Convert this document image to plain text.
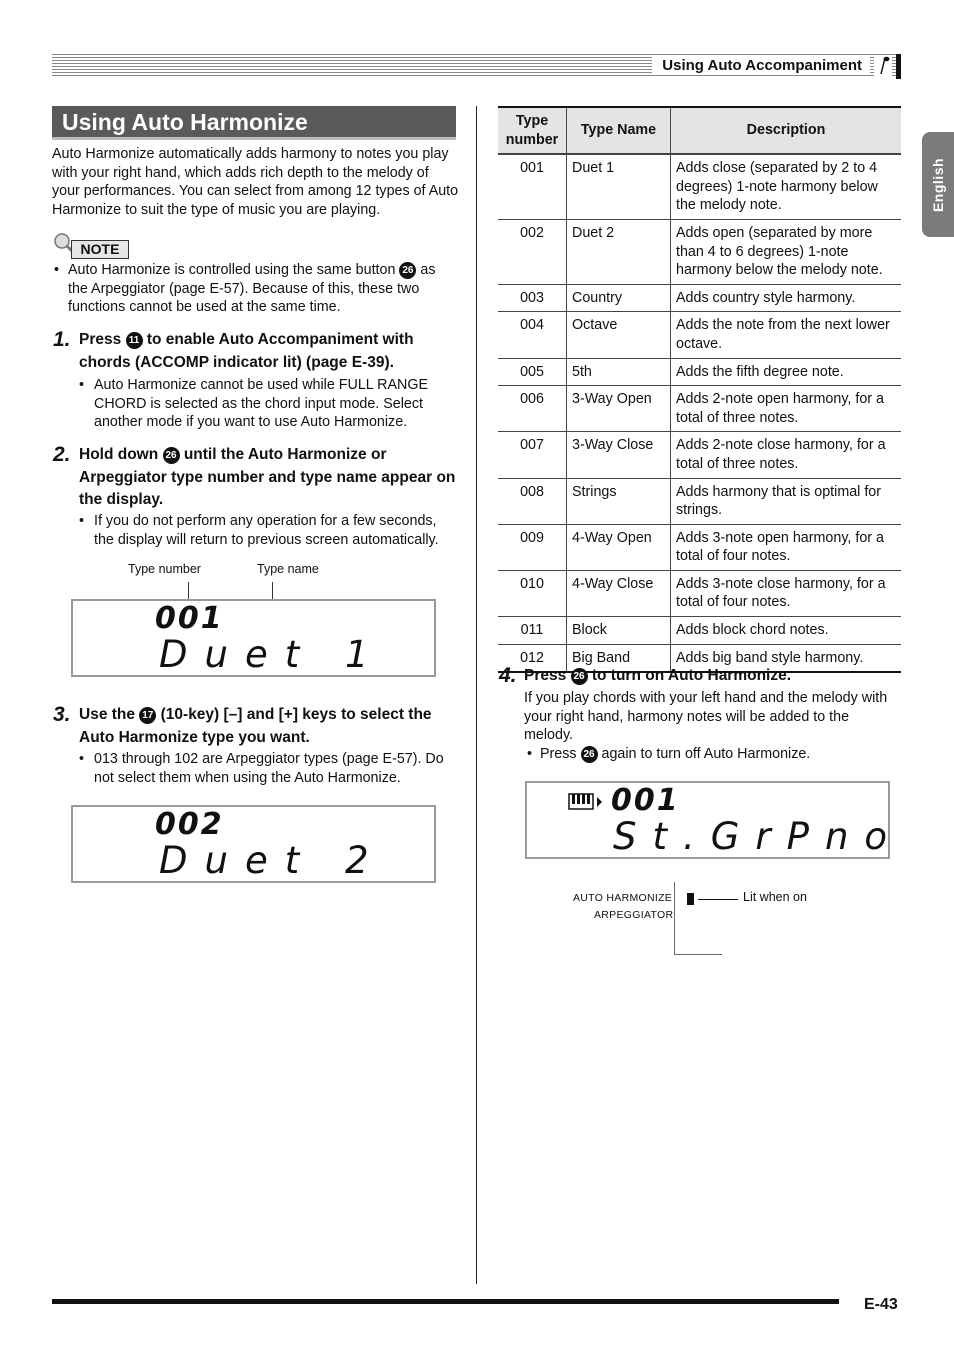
Using Auto Accompaniment
English
Using Auto Harmonize
Auto Harmonize automatically adds harmony to notes you play with your right hand, which adds rich depth to the melody of your performances. You can select from among 12 types of Auto Harmonize to suit the type of music you are playing.
NOTE
• Auto Harmonize is controlled using the same button 26 as the Arpeggiator (page E-57). Because of this, these two functions cannot be used at the same time.
1. Press 11 to enable Auto Accompaniment with chords (ACCOMP indicator lit) (page E-39).
• Auto Harmonize cannot be used while FULL RANGE CHORD is selected as the chord input mode. Select another mode if you want to use Auto Harmonize.
2. Hold down 26 until the Auto Harmonize or Arpeggiator type number and type name appear on the display.
• If you do not perform any operation for a few seconds, the display will return to previous screen automatically.
Type number	Type name
001
Duet 1
3. Use the 17 (10-key) [–] and [+] keys to select the Auto Harmonize type you want.
• 013 through 102 are Arpeggiator types (page E-57). Do not select them when using the Auto Harmonize.
002
Duet 2
Type number	Type Name	Description
001	Duet 1	Adds close (separated by 2 to 4 degrees) 1-note harmony below the melody note.
002	Duet 2	Adds open (separated by more than 4 to 6 degrees) 1-note harmony below the melody note.
003	Country	Adds country style harmony.
004	Octave	Adds the note from the next lower octave.
005	5th	Adds the fifth degree note.
006	3-Way Open	Adds 2-note open harmony, for a total of three notes.
007	3-Way Close	Adds 2-note close harmony, for a total of three notes.
008	Strings	Adds harmony that is optimal for strings.
009	4-Way Open	Adds 3-note open harmony, for a total of four notes.
010	4-Way Close	Adds 3-note close harmony, for a total of four notes.
011	Block	Adds block chord notes.
012	Big Band	Adds big band style harmony.
4. Press 26 to turn on Auto Harmonize.
If you play chords with your left hand and the melody with your right hand, harmony notes will be added to the melody.
• Press 26 again to turn off Auto Harmonize.
001
St.GrPno
AUTO HARMONIZE
ARPEGGIATOR
Lit when on
E-43
